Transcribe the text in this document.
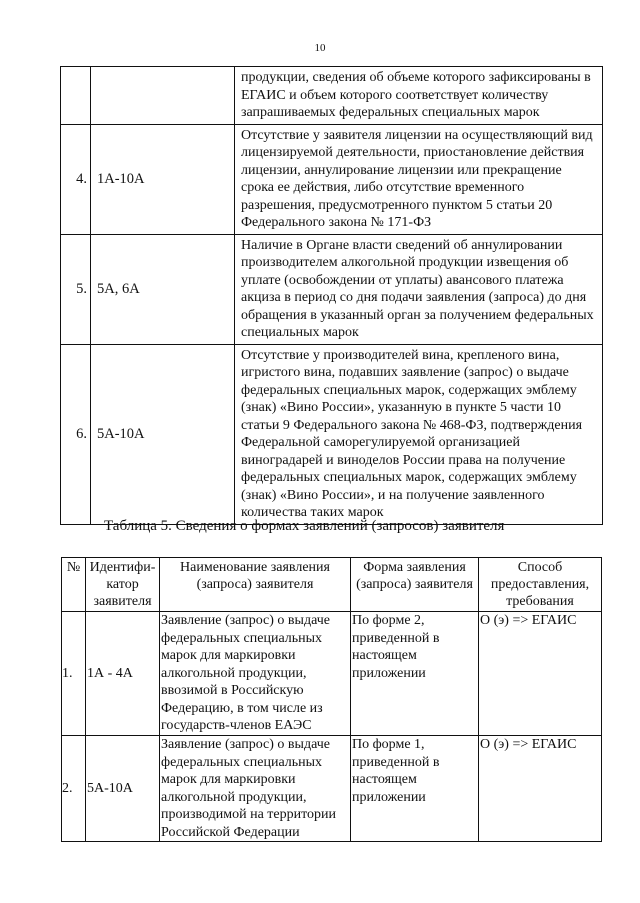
10
		продукции, сведения об объеме которого зафиксированы в ЕГАИС и объем которого соответствует количеству запрашиваемых федеральных специальных марок
4.	1А-10А	Отсутствие у заявителя лицензии на осуществляющий вид лицензируемой деятельности, приостановление действия лицензии, аннулирование лицензии или прекращение срока ее действия, либо отсутствие временного разрешения, предусмотренного пунктом 5 статьи 20 Федерального закона № 171-ФЗ
5.	5А, 6А	Наличие в Органе власти сведений об аннулировании производителем алкогольной продукции извещения об уплате (освобождении от уплаты) авансового платежа акциза в период со дня подачи заявления (запроса) до дня обращения в указанный орган за получением федеральных специальных марок
6.	5А-10А	Отсутствие у производителей вина, крепленого вина, игристого вина, подавших заявление (запрос) о выдаче федеральных специальных марок, содержащих эмблему (знак) «Вино России», указанную в пункте 5 части 10 статьи 9 Федерального закона № 468-ФЗ, подтверждения Федеральной саморегулируемой организацией виноградарей и виноделов России права на получение федеральных специальных марок, содержащих эмблему (знак) «Вино России», и на получение заявленного количества таких марок
Таблица 5. Сведения о формах заявлений (запросов) заявителя
№	Идентифи-катор заявителя	Наименование заявления (запроса) заявителя	Форма заявления (запроса) заявителя	Способ предоставления, требования
1.	1А - 4А	Заявление (запрос) о выдаче федеральных специальных марок для маркировки алкогольной продукции, ввозимой в Российскую Федерацию, в том числе из государств-членов ЕАЭС	По форме 2, приведенной в настоящем приложении	О (э) => ЕГАИС
2.	5А-10А	Заявление (запрос) о выдаче федеральных специальных марок для маркировки алкогольной продукции, производимой на территории Российской Федерации	По форме 1, приведенной в настоящем приложении	О (э) => ЕГАИС
